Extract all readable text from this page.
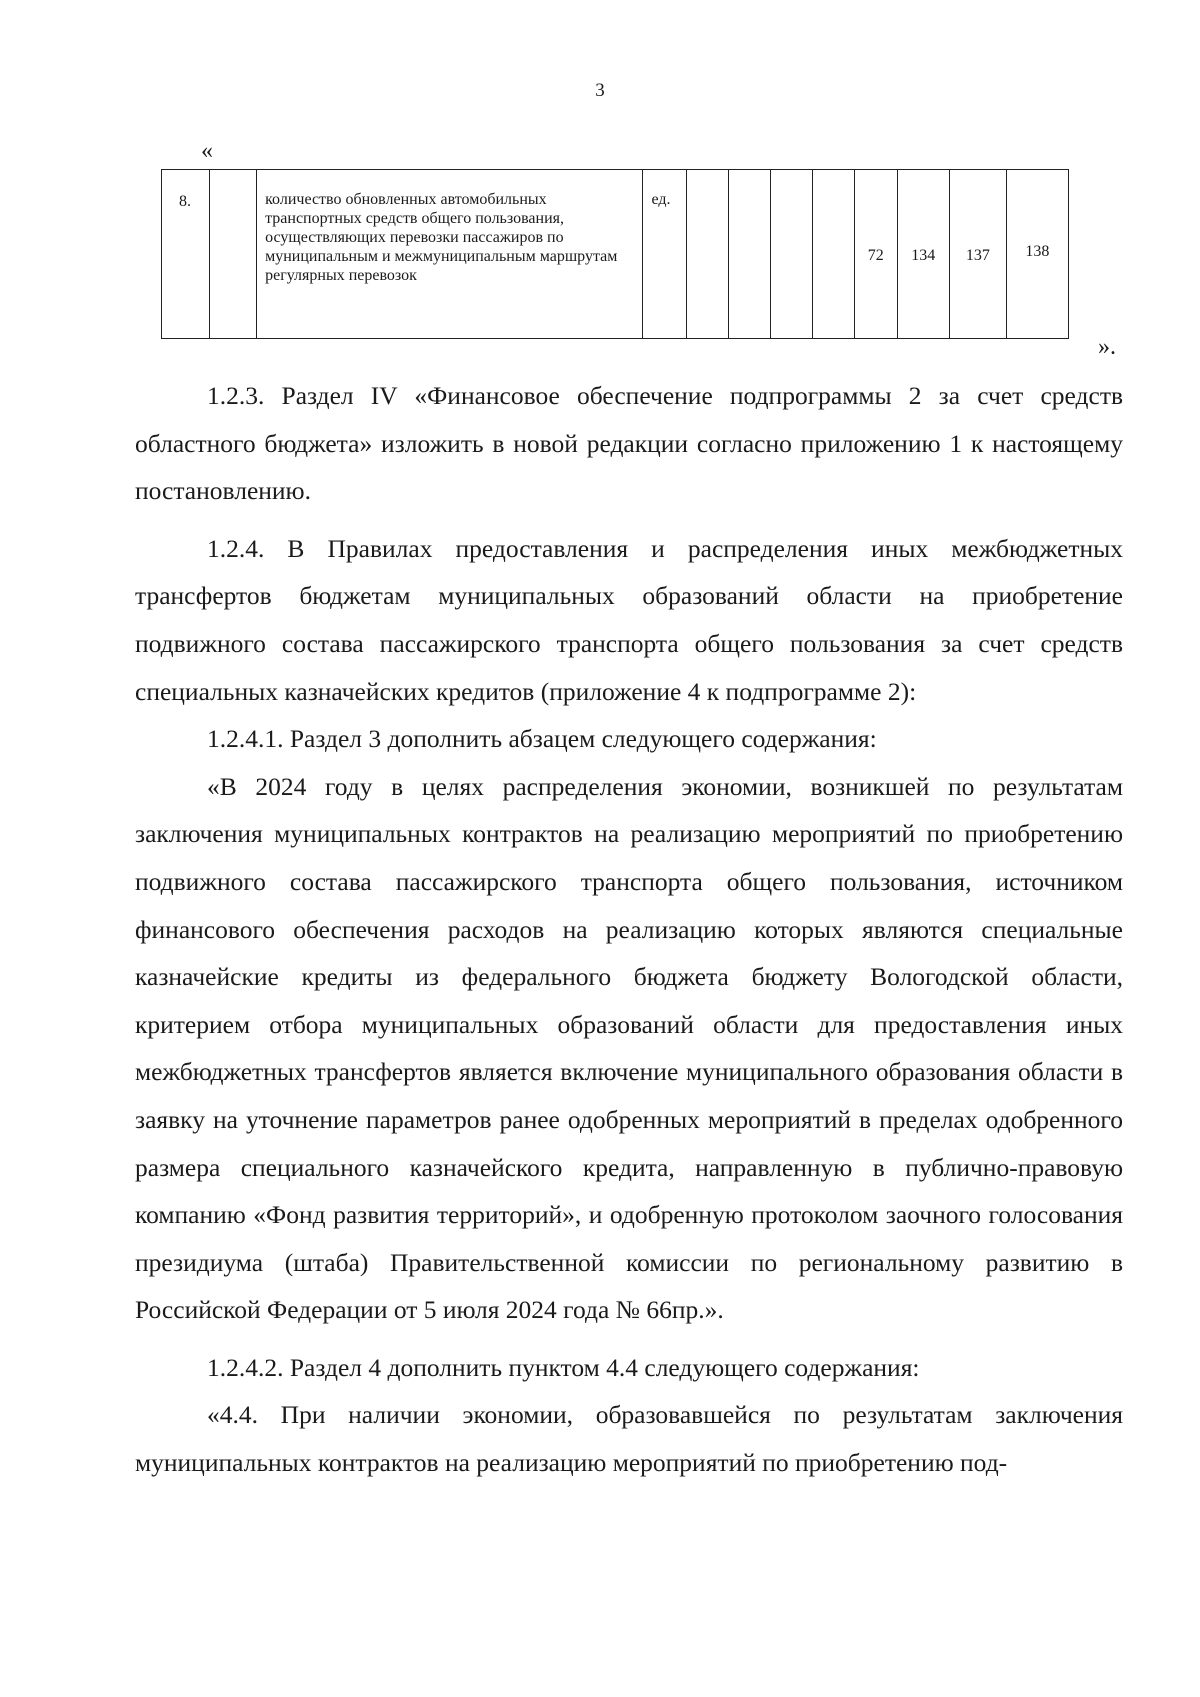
3
«
8.		количество обновленных автомобильных транспортных средств общего пользования, осуществляющих перевозки пассажиров по муниципальным и межмуниципальным маршрутам регулярных перевозок	ед.					72	134	137	138
».

1.2.3. Раздел IV «Финансовое обеспечение подпрограммы 2 за счет средств областного бюджета» изложить в новой редакции согласно приложению 1 к настоящему постановлению.

1.2.4. В Правилах предоставления и распределения иных межбюджетных трансфертов бюджетам муниципальных образований области на приобретение подвижного состава пассажирского транспорта общего пользования за счет средств специальных казначейских кредитов (приложение 4 к подпрограмме 2):

1.2.4.1. Раздел 3 дополнить абзацем следующего содержания:

«В 2024 году в целях распределения экономии, возникшей по результатам заключения муниципальных контрактов на реализацию мероприятий по приобретению подвижного состава пассажирского транспорта общего пользования, источником финансового обеспечения расходов на реализацию которых являются специальные казначейские кредиты из федерального бюджета бюджету Вологодской области, критерием отбора муниципальных образований области для предоставления иных межбюджетных трансфертов является включение муниципального образования области в заявку на уточнение параметров ранее одобренных мероприятий в пределах одобренного размера специального казначейского кредита, направленную в публично-правовую компанию «Фонд развития территорий», и одобренную протоколом заочного голосования президиума (штаба) Правительственной комиссии по региональному развитию в Российской Федерации от 5 июля 2024 года № 66пр.».

1.2.4.2. Раздел 4 дополнить пунктом 4.4 следующего содержания:

«4.4. При наличии экономии, образовавшейся по результатам заключения муниципальных контрактов на реализацию мероприятий по приобретению под-
